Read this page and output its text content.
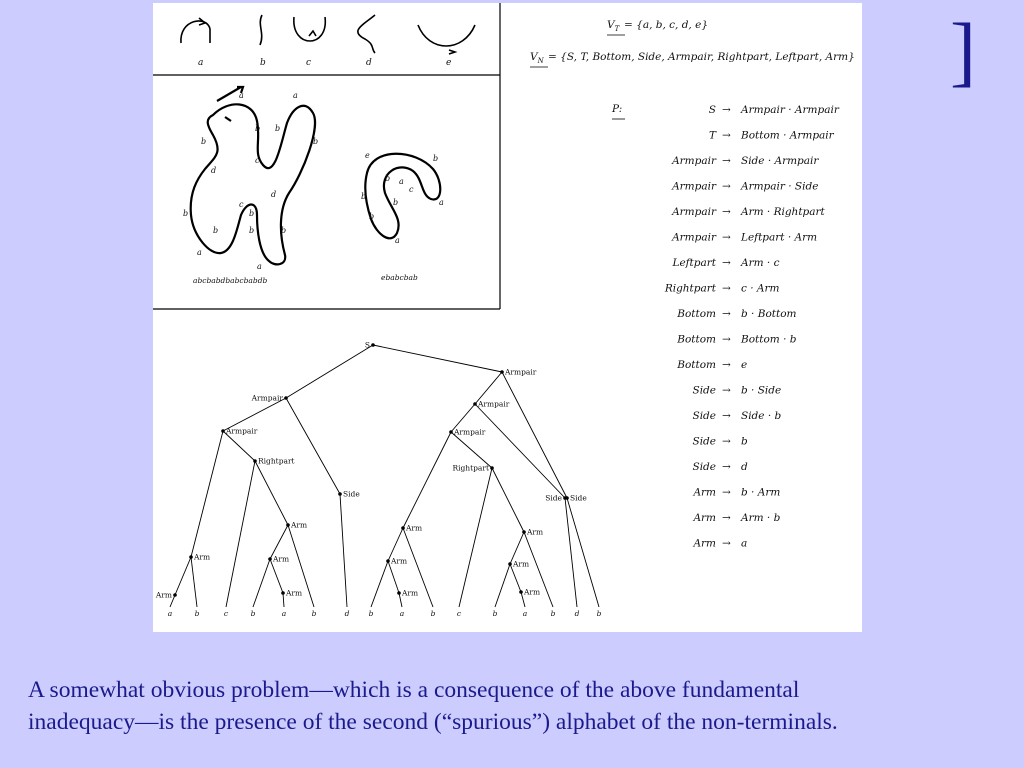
]
a	b	c	d	e
a	a
b
b b
b
c
d
d
c
b	b
b	b	b
a
a
abcbabdbabcbabdb
e	b
b a
c
b
b	a
b
a
ebabcbab
$V_T = \{a$, b, c, d, e}
$V_N = \{S$, T, Bottom, Side, Armpair, Rightpart, Leftpart, Arm}
P:	S → Armpair · Armpair
T → Bottom · Armpair
Armpair → Side · Armpair
Armpair → Armpair · Side
Armpair → Arm · Rightpart
Armpair → Leftpart · Arm
Leftpart → Arm · c
Rightpart → c · Arm
Bottom → b · Bottom
Bottom → Bottom · b
Bottom → e
Side → b · Side
Side → Side · b
Side → b
Side → d
Arm → b · Arm
Arm → Arm · b
Arm → a
S
Armpair
Armpair
Armpair
Rightpart
Side
Arm
Arm
Arm
Arm
Arm
Armpair
Armpair
Rightpart
Side Side
Arm	Arm
Arm
Arm
Arm
Arm
a	b	c	b	a	b	d	b	a	b	c	b	a	b	d b
A somewhat obvious problem―which is a consequence of the above fundamental
inadequacy―is the presence of the second (“spurious”) alphabet of the non-terminals.
